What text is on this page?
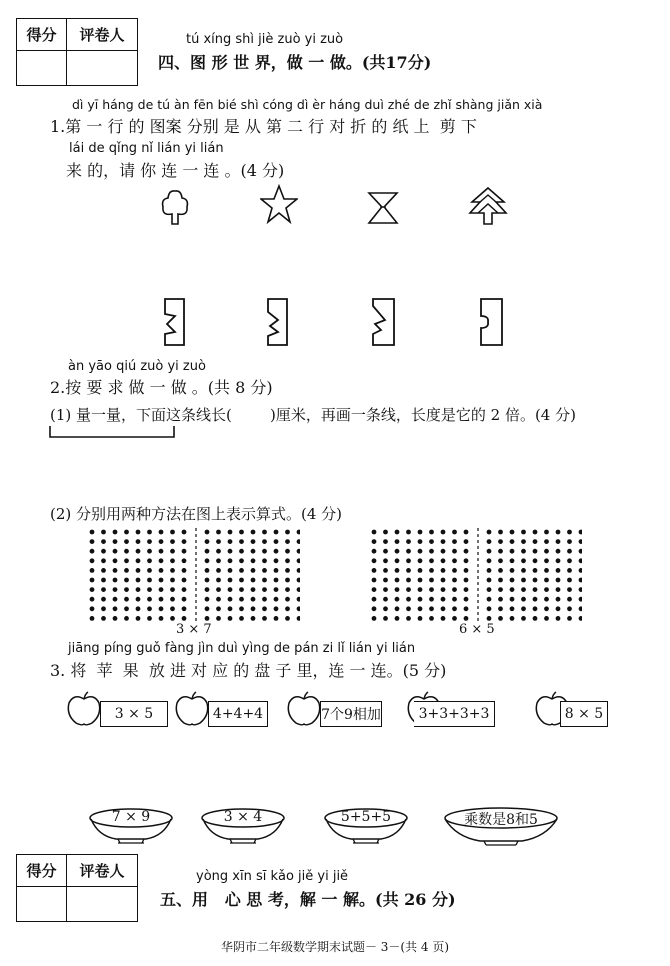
得分	评卷人	tú xíng shì jiè zuò yi zuò
四、图 形 世 界，做 一 做。(共17分)
dì yī háng de tú àn fēn bié shì cóng dì èr háng duì zhé de zhǐ shàng jiǎn xià
1.第 一 行 的 图案 分别 是 从 第 二 行 对 折 的 纸 上  剪 下
lái de qǐng nǐ lián yi lián
来 的，请 你 连 一 连 。(4 分)
àn yāo qiú zuò yi zuò
2.按 要 求 做 一 做 。(共 8 分)
(1) 量一量，下面这条线长(        )厘米，再画一条线，长度是它的 2 倍。(4 分)
(2) 分别用两种方法在图上表示算式。(4 分)
3 × 7	6 × 5
jiāng píng guǒ fàng jìn duì yìng de pán zi lǐ lián yi lián
3. 将  苹  果  放 进 对 应 的 盘 子 里，连 一 连。(5 分)
3 × 5	4+4+4	7个9相加	3+3+3+3	8 × 5
7 × 9	3 × 4	5+5+5	乘数是8和5
得分	评卷人	yòng xīn sī kǎo jiě yi jiě
五、用   心 思 考，解 一 解。(共 26 分)
华阴市二年级数学期末试题－ 3－(共 4 页)
